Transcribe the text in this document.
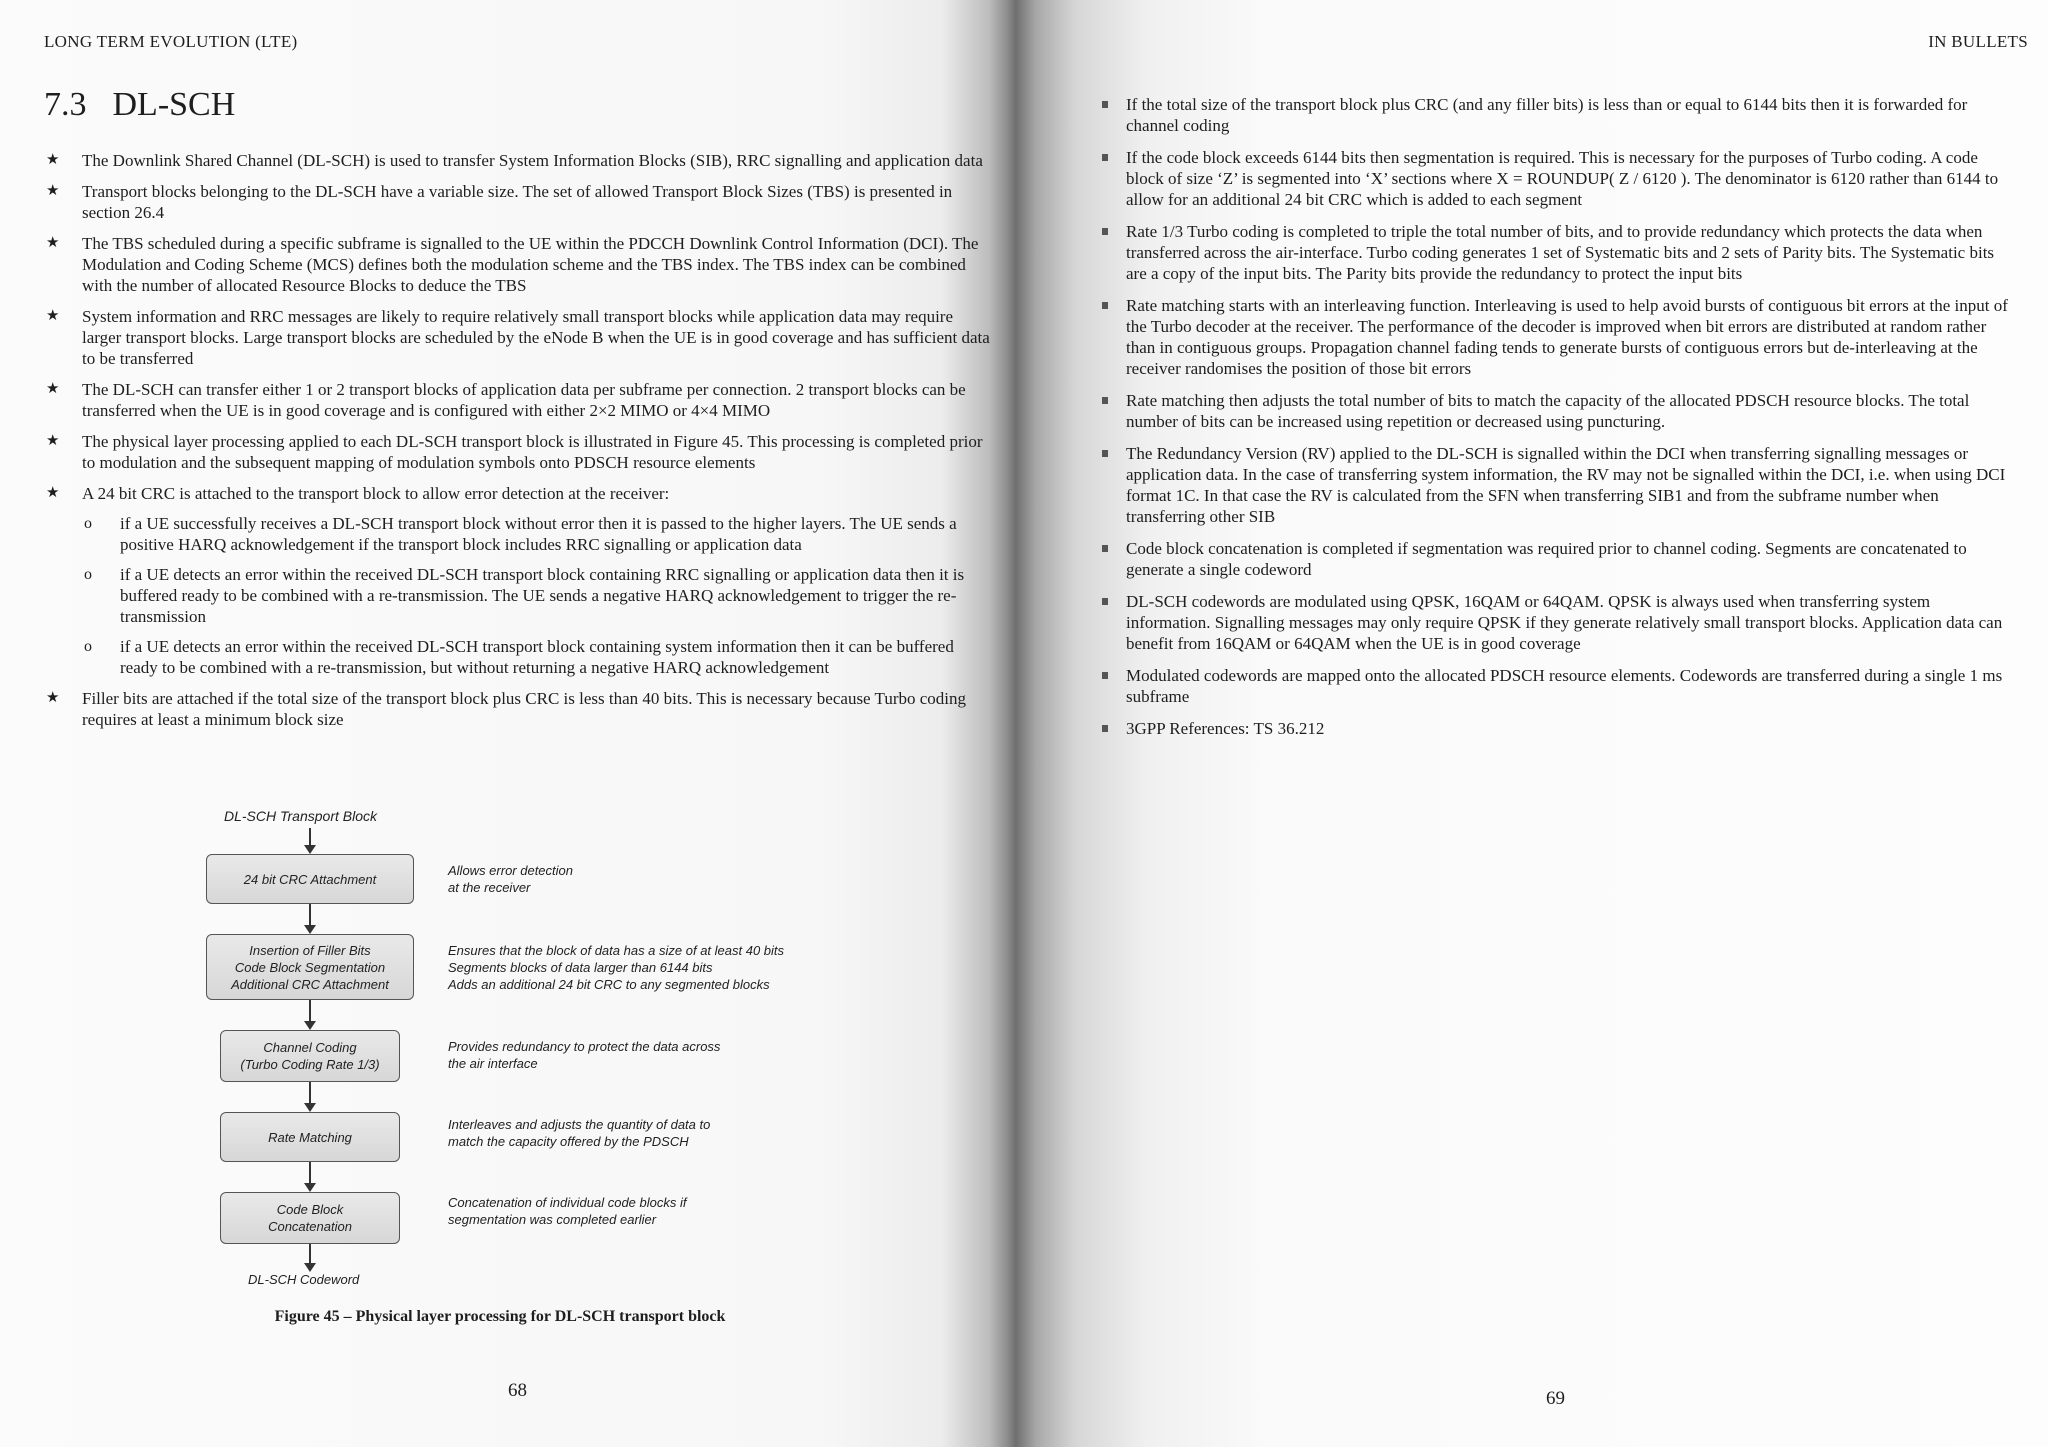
LONG TERM EVOLUTION (LTE)
7.3 DL-SCH
★ The Downlink Shared Channel (DL-SCH) is used to transfer System Information Blocks (SIB), RRC signalling and application data
★ Transport blocks belonging to the DL-SCH have a variable size. The set of allowed Transport Block Sizes (TBS) is presented in section 26.4
★ The TBS scheduled during a specific subframe is signalled to the UE within the PDCCH Downlink Control Information (DCI). The Modulation and Coding Scheme (MCS) defines both the modulation scheme and the TBS index. The TBS index can be combined with the number of allocated Resource Blocks to deduce the TBS
★ System information and RRC messages are likely to require relatively small transport blocks while application data may require larger transport blocks. Large transport blocks are scheduled by the eNode B when the UE is in good coverage and has sufficient data to be transferred
★ The DL-SCH can transfer either 1 or 2 transport blocks of application data per subframe per connection. 2 transport blocks can be transferred when the UE is in good coverage and is configured with either 2×2 MIMO or 4×4 MIMO
★ The physical layer processing applied to each DL-SCH transport block is illustrated in Figure 45. This processing is completed prior to modulation and the subsequent mapping of modulation symbols onto PDSCH resource elements
★ A 24 bit CRC is attached to the transport block to allow error detection at the receiver:
o if a UE successfully receives a DL-SCH transport block without error then it is passed to the higher layers. The UE sends a positive HARQ acknowledgement if the transport block includes RRC signalling or application data
o if a UE detects an error within the received DL-SCH transport block containing RRC signalling or application data then it is buffered ready to be combined with a re-transmission. The UE sends a negative HARQ acknowledgement to trigger the re-transmission
o if a UE detects an error within the received DL-SCH transport block containing system information then it can be buffered ready to be combined with a re-transmission, but without returning a negative HARQ acknowledgement
★ Filler bits are attached if the total size of the transport block plus CRC is less than 40 bits. This is necessary because Turbo coding requires at least a minimum block size
DL-SCH Transport Block
24 bit CRC Attachment
Allows error detection
at the receiver
Insertion of Filler Bits
Code Block Segmentation
Additional CRC Attachment
Ensures that the block of data has a size of at least 40 bits
Segments blocks of data larger than 6144 bits
Adds an additional 24 bit CRC to any segmented blocks
Channel Coding
(Turbo Coding Rate 1/3)
Provides redundancy to protect the data across
the air interface
Rate Matching
Interleaves and adjusts the quantity of data to
match the capacity offered by the PDSCH
Code Block
Concatenation
Concatenation of individual code blocks if
segmentation was completed earlier
DL-SCH Codeword
Figure 45 – Physical layer processing for DL-SCH transport block
68
IN BULLETS
If the total size of the transport block plus CRC (and any filler bits) is less than or equal to 6144 bits then it is forwarded for channel coding
If the code block exceeds 6144 bits then segmentation is required. This is necessary for the purposes of Turbo coding. A code block of size ‘Z’ is segmented into ‘X’ sections where X = ROUNDUP( Z / 6120 ). The denominator is 6120 rather than 6144 to allow for an additional 24 bit CRC which is added to each segment
Rate 1/3 Turbo coding is completed to triple the total number of bits, and to provide redundancy which protects the data when transferred across the air-interface. Turbo coding generates 1 set of Systematic bits and 2 sets of Parity bits. The Systematic bits are a copy of the input bits. The Parity bits provide the redundancy to protect the input bits
Rate matching starts with an interleaving function. Interleaving is used to help avoid bursts of contiguous bit errors at the input of the Turbo decoder at the receiver. The performance of the decoder is improved when bit errors are distributed at random rather than in contiguous groups. Propagation channel fading tends to generate bursts of contiguous errors but de-interleaving at the receiver randomises the position of those bit errors
Rate matching then adjusts the total number of bits to match the capacity of the allocated PDSCH resource blocks. The total number of bits can be increased using repetition or decreased using puncturing.
The Redundancy Version (RV) applied to the DL-SCH is signalled within the DCI when transferring signalling messages or application data. In the case of transferring system information, the RV may not be signalled within the DCI, i.e. when using DCI format 1C. In that case the RV is calculated from the SFN when transferring SIB1 and from the subframe number when transferring other SIB
Code block concatenation is completed if segmentation was required prior to channel coding. Segments are concatenated to generate a single codeword
DL-SCH codewords are modulated using QPSK, 16QAM or 64QAM. QPSK is always used when transferring system information. Signalling messages may only require QPSK if they generate relatively small transport blocks. Application data can benefit from 16QAM or 64QAM when the UE is in good coverage
Modulated codewords are mapped onto the allocated PDSCH resource elements. Codewords are transferred during a single 1 ms subframe
3GPP References: TS 36.212
69
